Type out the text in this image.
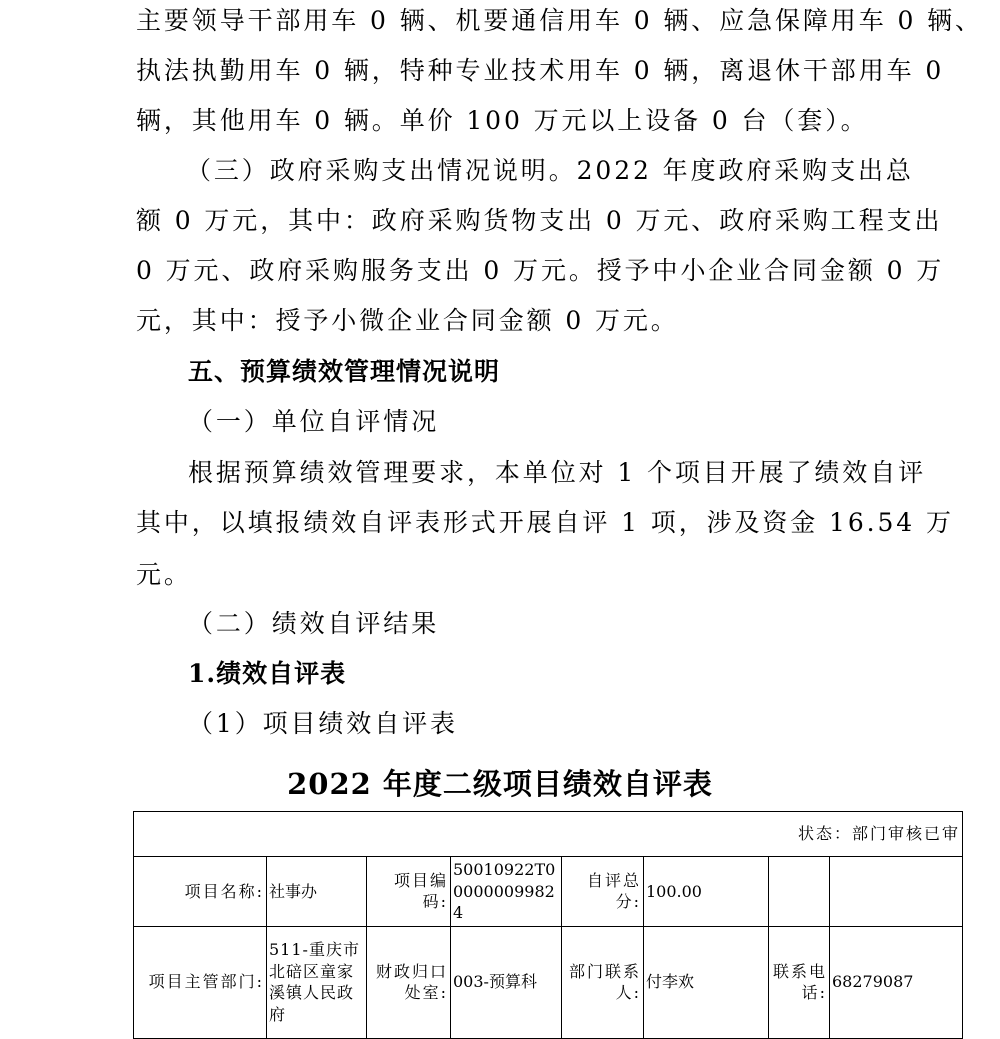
主要领导干部用车 0 辆、机要通信用车 0 辆、应急保障用车 0 辆、

执法执勤用车 0 辆，特种专业技术用车 0 辆，离退休干部用车 0

辆，其他用车 0 辆。单价 100 万元以上设备 0 台（套）。

（三）政府采购支出情况说明。2022 年度政府采购支出总

额 0 万元，其中：政府采购货物支出 0 万元、政府采购工程支出

0 万元、政府采购服务支出 0 万元。授予中小企业合同金额 0 万

元，其中：授予小微企业合同金额 0 万元。

五、预算绩效管理情况说明

（一）单位自评情况

根据预算绩效管理要求，本单位对 1 个项目开展了绩效自评

其中，以填报绩效自评表形式开展自评 1 项，涉及资金 16.54 万

元。

（二）绩效自评结果

1.绩效自评表

（1）项目绩效自评表

2022 年度二级项目绩效自评表
状态：部门审核已审							
项目名称:	社事办	项目编码:	50010922T000000099824	自评总分:	100.00		
项目主管部门:	511-重庆市北碚区童家溪镇人民政府	财政归口处室:	003-预算科	部门联系人:	付李欢	联系电话:	68279087
